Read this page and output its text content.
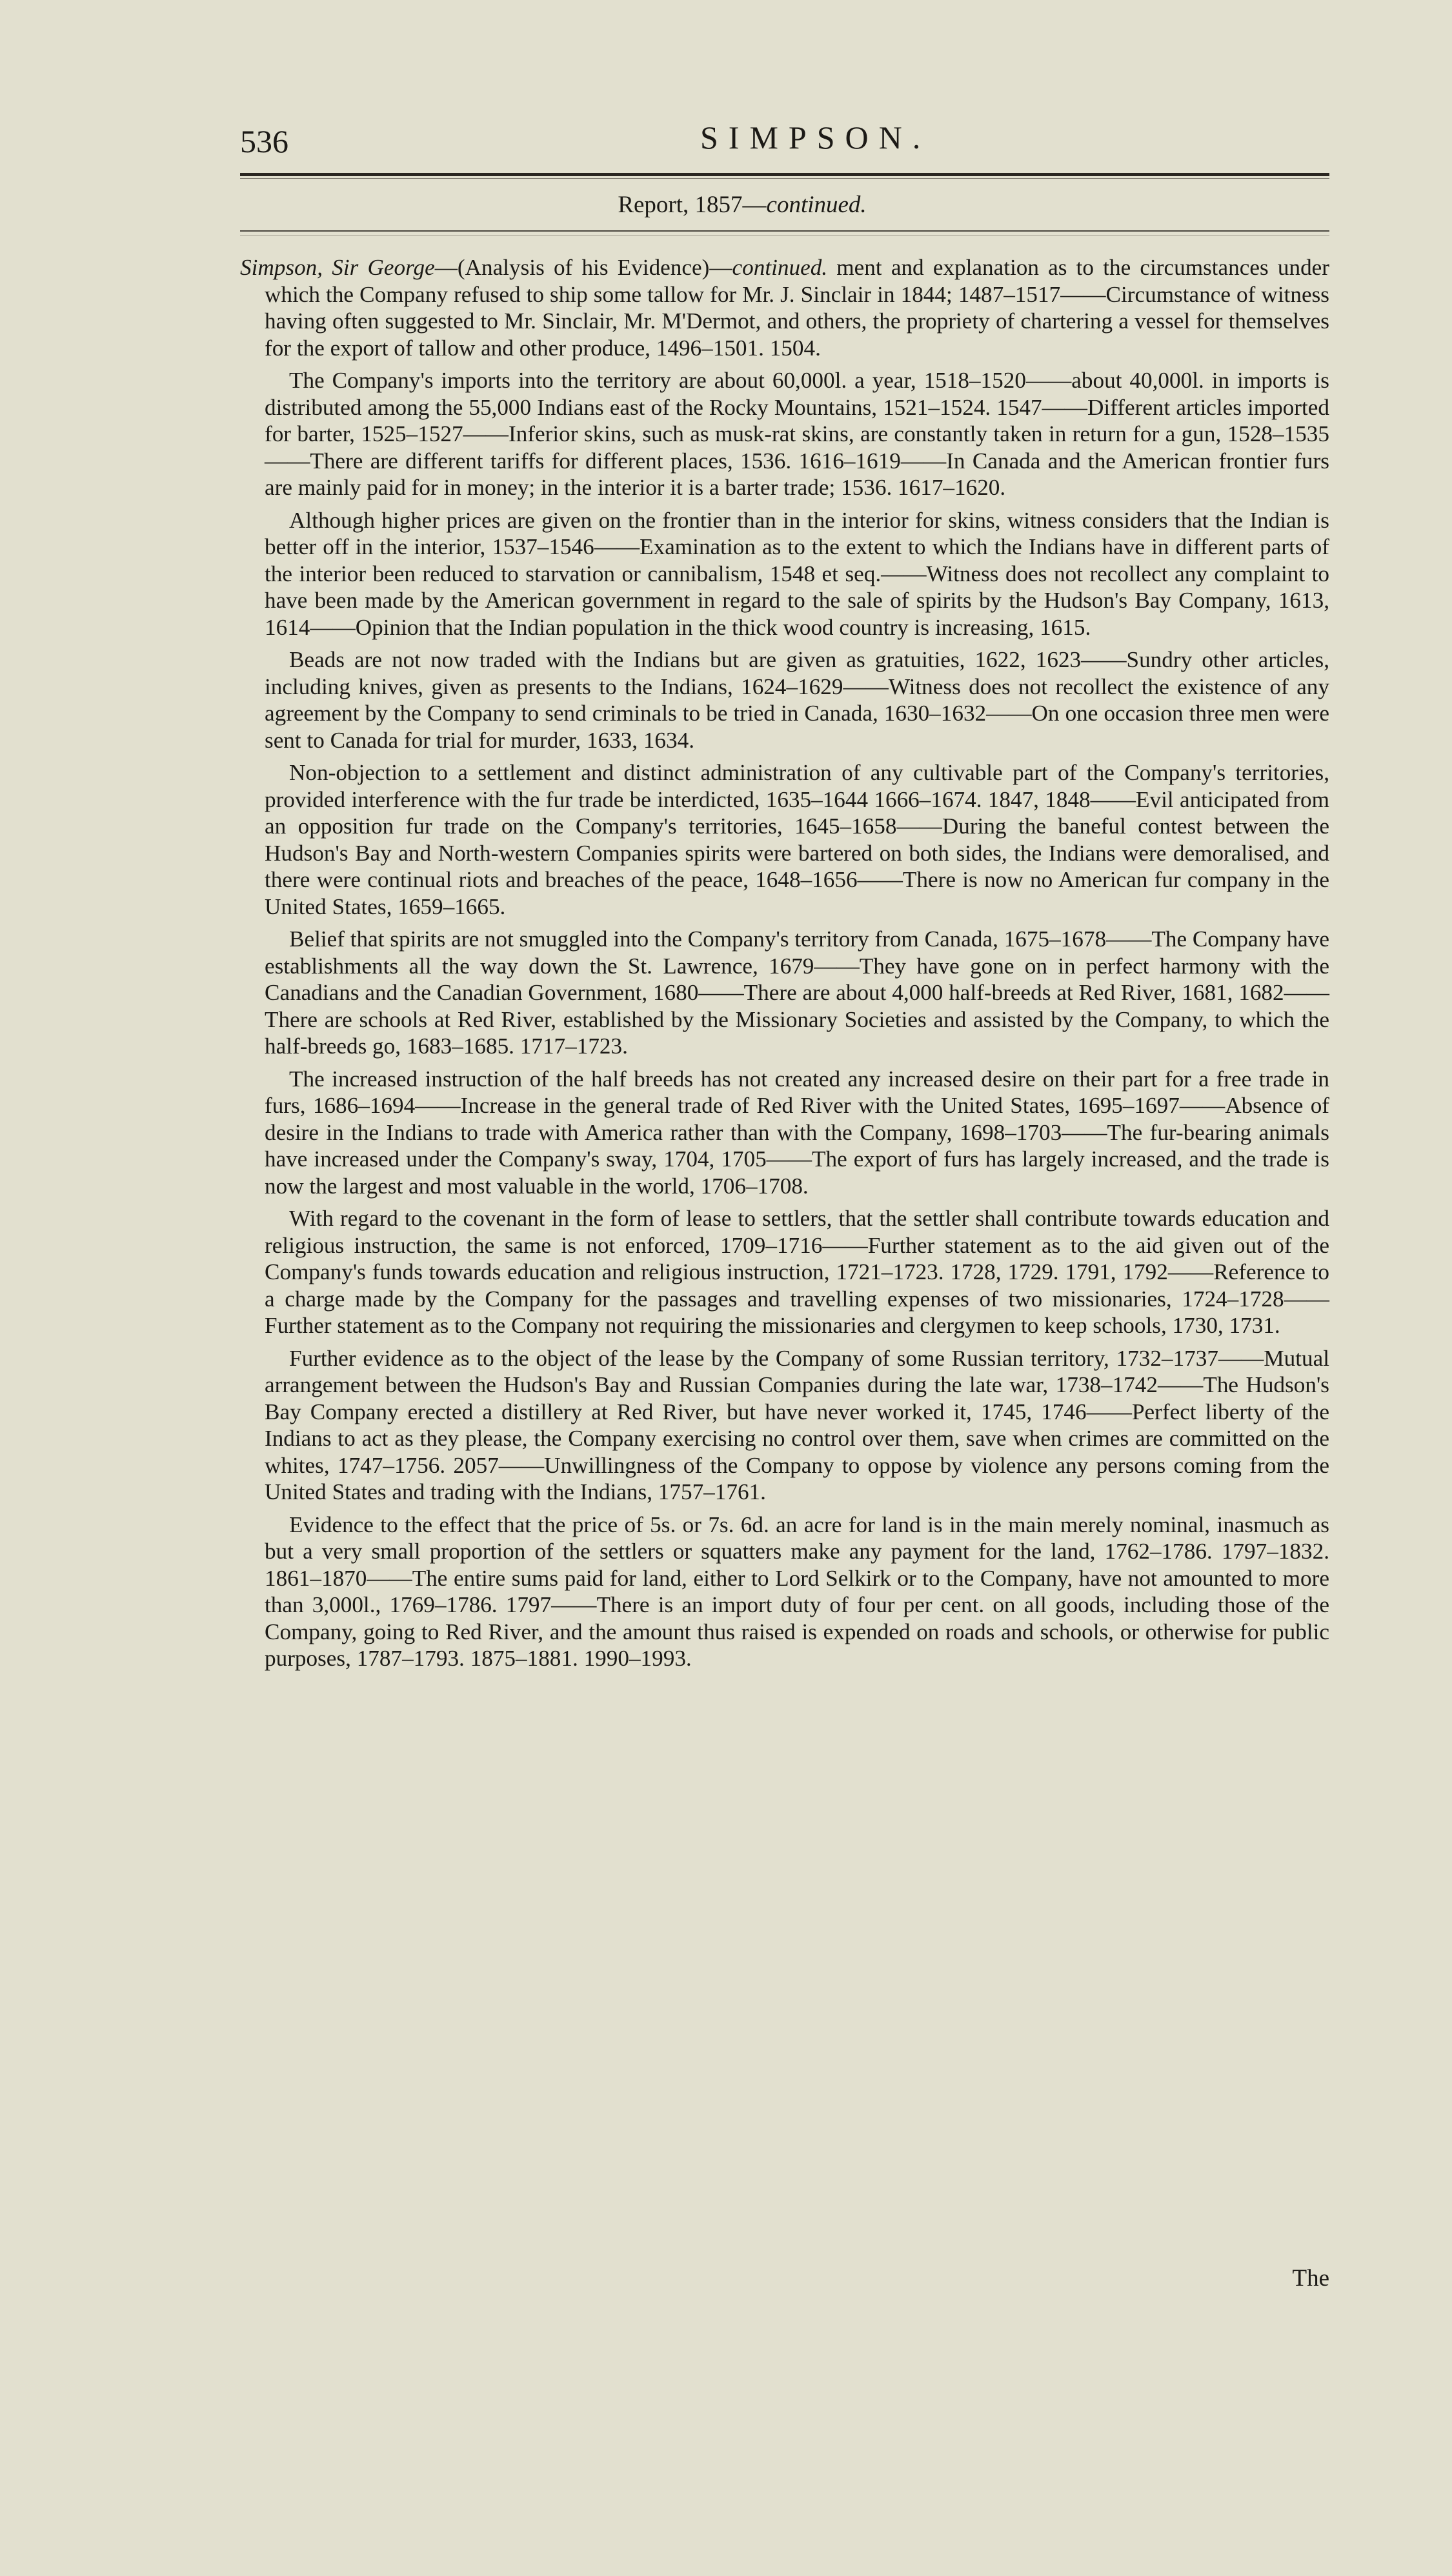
536	SIMPSON.
Report, 1857—continued.

Simpson, Sir George—(Analysis of his Evidence)—continued. ment and explanation as to the circumstances under which the Company refused to ship some tallow for Mr. J. Sinclair in 1844; 1487–1517——Circumstance of witness having often suggested to Mr. Sinclair, Mr. M'Dermot, and others, the propriety of chartering a vessel for themselves for the export of tallow and other produce, 1496–1501. 1504.

The Company's imports into the territory are about 60,000l. a year, 1518–1520——about 40,000l. in imports is distributed among the 55,000 Indians east of the Rocky Mountains, 1521–1524. 1547——Different articles imported for barter, 1525–1527——Inferior skins, such as musk-rat skins, are constantly taken in return for a gun, 1528–1535——There are different tariffs for different places, 1536. 1616–1619——In Canada and the American frontier furs are mainly paid for in money; in the interior it is a barter trade; 1536. 1617–1620.

Although higher prices are given on the frontier than in the interior for skins, witness considers that the Indian is better off in the interior, 1537–1546——Examination as to the extent to which the Indians have in different parts of the interior been reduced to starvation or cannibalism, 1548 et seq.——Witness does not recollect any complaint to have been made by the American government in regard to the sale of spirits by the Hudson's Bay Company, 1613, 1614——Opinion that the Indian population in the thick wood country is increasing, 1615.

Beads are not now traded with the Indians but are given as gratuities, 1622, 1623——Sundry other articles, including knives, given as presents to the Indians, 1624–1629——Witness does not recollect the existence of any agreement by the Company to send criminals to be tried in Canada, 1630–1632——On one occasion three men were sent to Canada for trial for murder, 1633, 1634.

Non-objection to a settlement and distinct administration of any cultivable part of the Company's territories, provided interference with the fur trade be interdicted, 1635–1644 1666–1674. 1847, 1848——Evil anticipated from an opposition fur trade on the Company's territories, 1645–1658——During the baneful contest between the Hudson's Bay and North-western Companies spirits were bartered on both sides, the Indians were demoralised, and there were continual riots and breaches of the peace, 1648–1656——There is now no American fur company in the United States, 1659–1665.

Belief that spirits are not smuggled into the Company's territory from Canada, 1675–1678——The Company have establishments all the way down the St. Lawrence, 1679——They have gone on in perfect harmony with the Canadians and the Canadian Government, 1680——There are about 4,000 half-breeds at Red River, 1681, 1682——There are schools at Red River, established by the Missionary Societies and assisted by the Company, to which the half-breeds go, 1683–1685. 1717–1723.

The increased instruction of the half breeds has not created any increased desire on their part for a free trade in furs, 1686–1694——Increase in the general trade of Red River with the United States, 1695–1697——Absence of desire in the Indians to trade with America rather than with the Company, 1698–1703——The fur-bearing animals have increased under the Company's sway, 1704, 1705——The export of furs has largely increased, and the trade is now the largest and most valuable in the world, 1706–1708.

With regard to the covenant in the form of lease to settlers, that the settler shall contribute towards education and religious instruction, the same is not enforced, 1709–1716——Further statement as to the aid given out of the Company's funds towards education and religious instruction, 1721–1723. 1728, 1729. 1791, 1792——Reference to a charge made by the Company for the passages and travelling expenses of two missionaries, 1724–1728——Further statement as to the Company not requiring the missionaries and clergymen to keep schools, 1730, 1731.

Further evidence as to the object of the lease by the Company of some Russian territory, 1732–1737——Mutual arrangement between the Hudson's Bay and Russian Companies during the late war, 1738–1742——The Hudson's Bay Company erected a distillery at Red River, but have never worked it, 1745, 1746——Perfect liberty of the Indians to act as they please, the Company exercising no control over them, save when crimes are committed on the whites, 1747–1756. 2057——Unwillingness of the Company to oppose by violence any persons coming from the United States and trading with the Indians, 1757–1761.

Evidence to the effect that the price of 5s. or 7s. 6d. an acre for land is in the main merely nominal, inasmuch as but a very small proportion of the settlers or squatters make any payment for the land, 1762–1786. 1797–1832. 1861–1870——The entire sums paid for land, either to Lord Selkirk or to the Company, have not amounted to more than 3,000l., 1769–1786. 1797——There is an import duty of four per cent. on all goods, including those of the Company, going to Red River, and the amount thus raised is expended on roads and schools, or otherwise for public purposes, 1787–1793. 1875–1881. 1990–1993.

The
